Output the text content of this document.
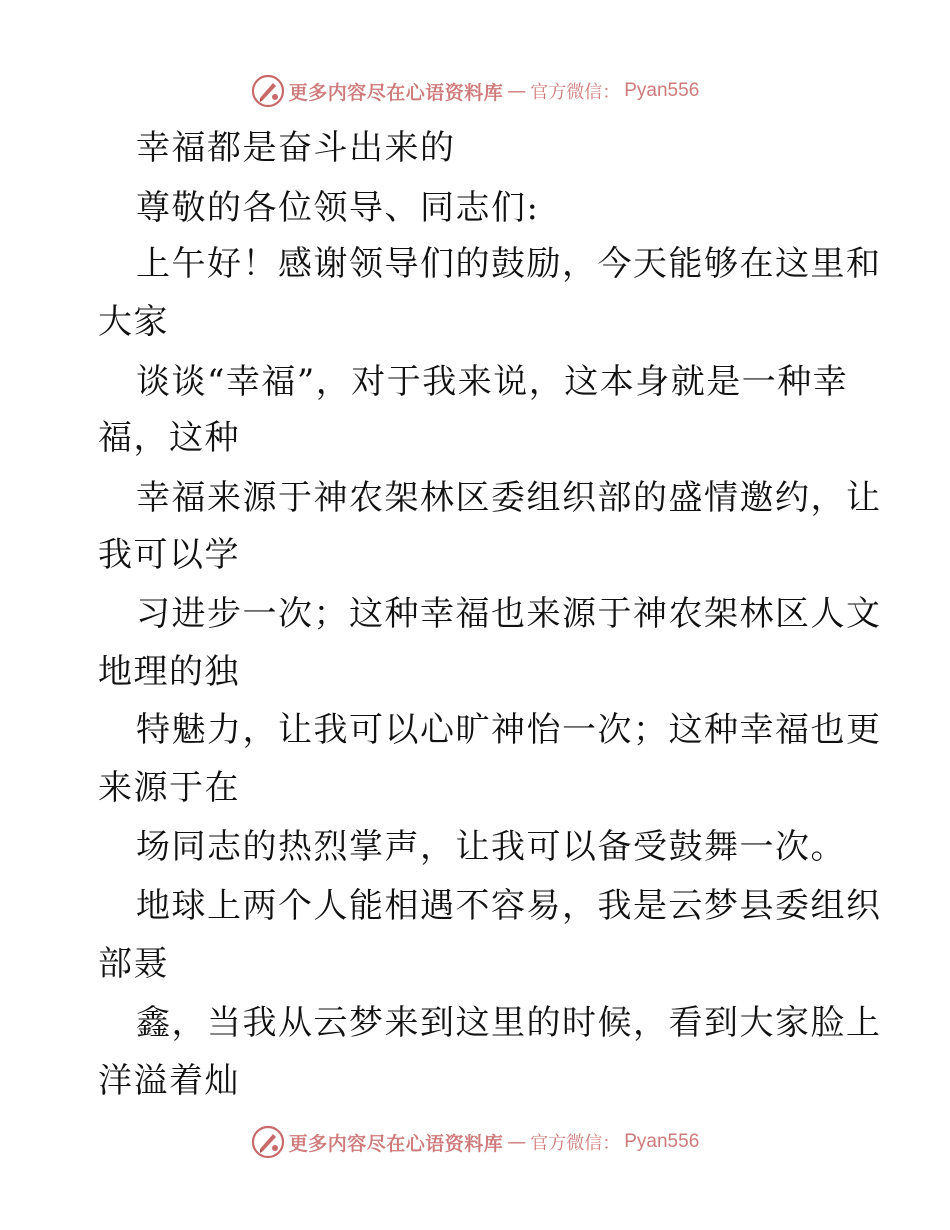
更多内容尽在心语资料库 — 官方微信： Pyan556
幸福都是奋斗出来的
尊敬的各位领导、同志们:
上午好！感谢领导们的鼓励，今天能够在这里和
大家
谈谈“幸福”，对于我来说，这本身就是一种幸
福，这种
幸福来源于神农架林区委组织部的盛情邀约，让
我可以学
习进步一次；这种幸福也来源于神农架林区人文
地理的独
特魅力，让我可以心旷神怡一次；这种幸福也更
来源于在
场同志的热烈掌声，让我可以备受鼓舞一次。
地球上两个人能相遇不容易，我是云梦县委组织
部聂
鑫，当我从云梦来到这里的时候，看到大家脸上
洋溢着灿
更多内容尽在心语资料库 — 官方微信： Pyan556
